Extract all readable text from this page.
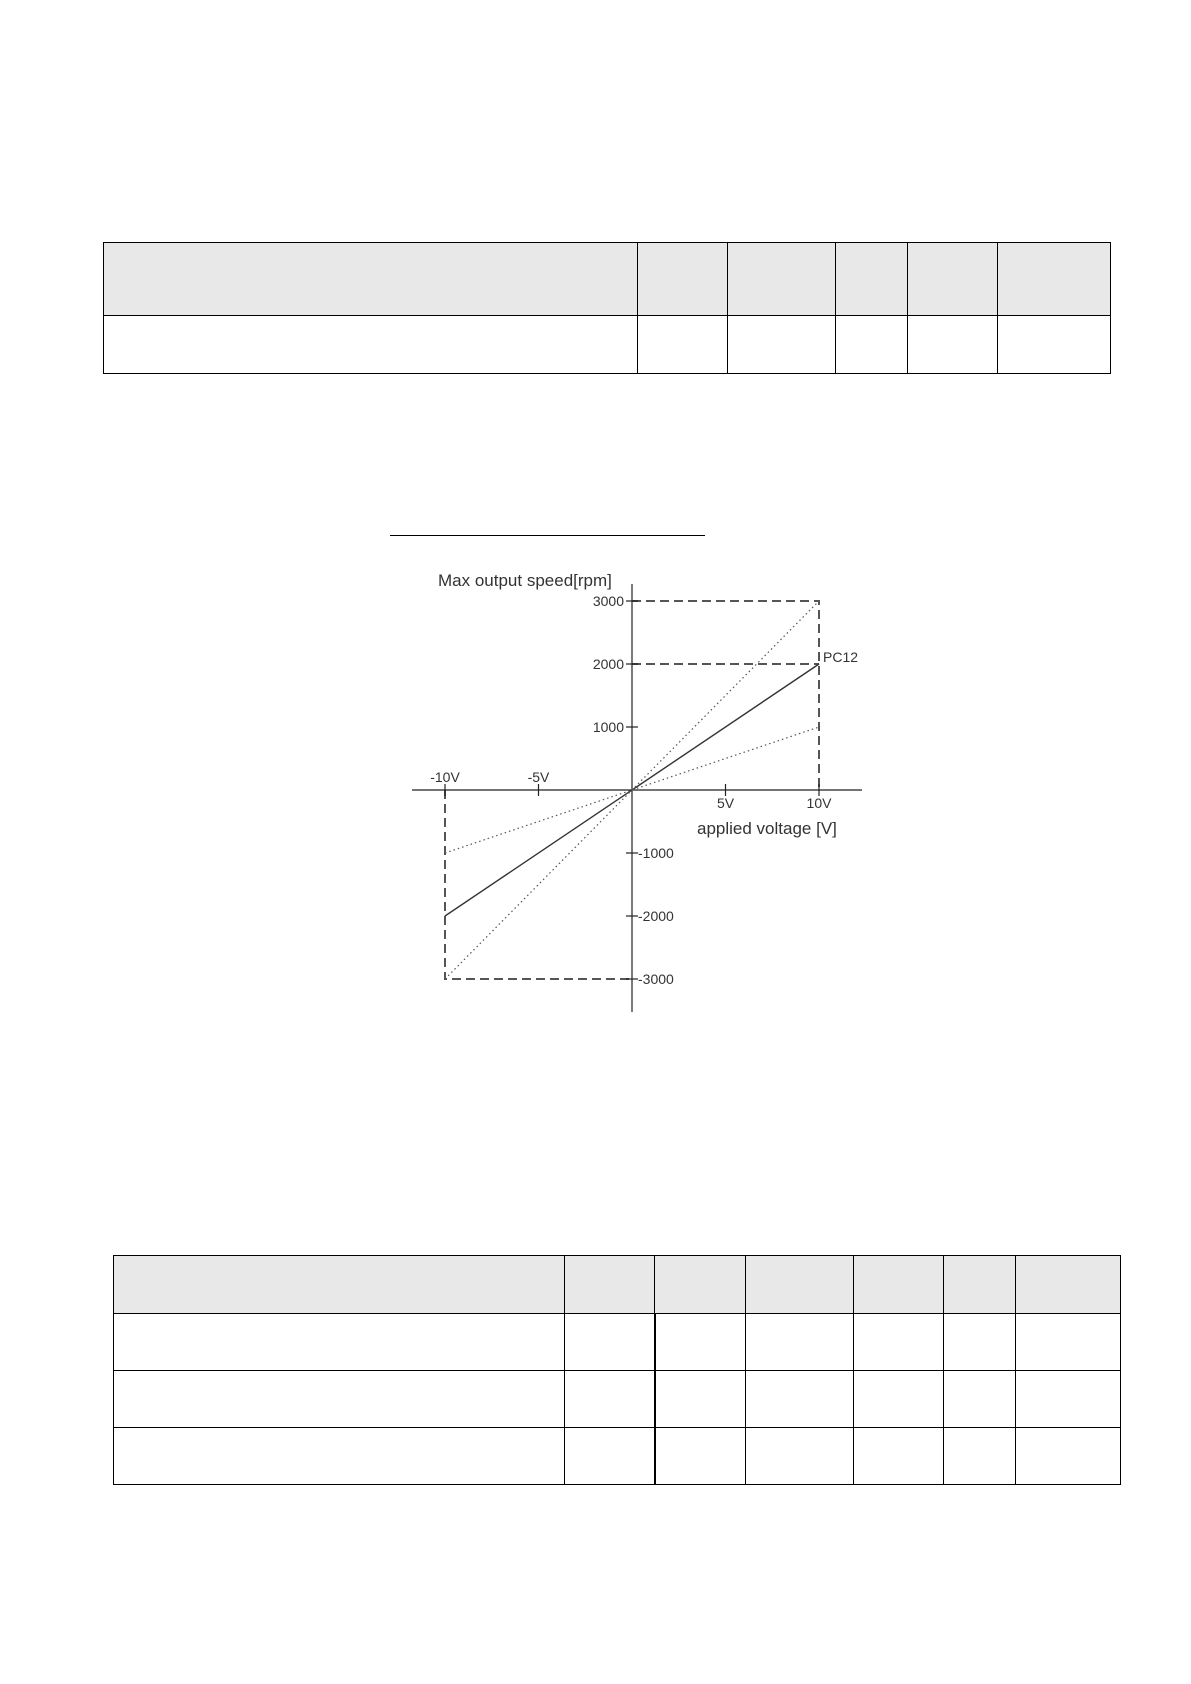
-10V	-5V
5V	10V
3000
2000
1000
-1000
-2000
-3000
Max output speed[rpm]
applied voltage [V]
PC12
